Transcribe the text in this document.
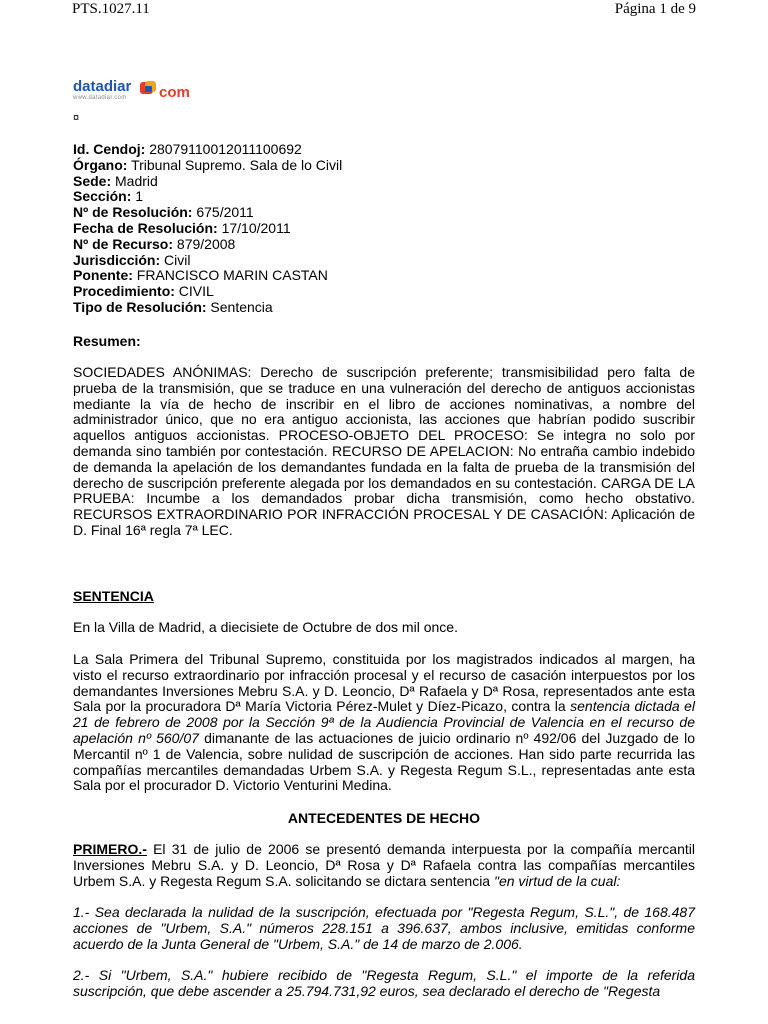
PTS.1027.11	Página 1 de 9
datadiar com
www.datadiar.com
¤
Id. Cendoj: 28079110012011100692
Órgano: Tribunal Supremo. Sala de lo Civil
Sede: Madrid
Sección: 1
Nº de Resolución: 675/2011
Fecha de Resolución: 17/10/2011
Nº de Recurso: 879/2008
Jurisdicción: Civil
Ponente: FRANCISCO MARIN CASTAN
Procedimiento: CIVIL
Tipo de Resolución: Sentencia
Resumen:
SOCIEDADES ANÓNIMAS: Derecho de suscripción preferente; transmisibilidad pero falta de prueba de la transmisión, que se traduce en una vulneración del derecho de antiguos accionistas mediante la vía de hecho de inscribir en el libro de acciones nominativas, a nombre del administrador único, que no era antiguo accionista, las acciones que habrían podido suscribir aquellos antiguos accionistas. PROCESO-OBJETO DEL PROCESO: Se integra no solo por demanda sino también por contestación. RECURSO DE APELACION: No entraña cambio indebido de demanda la apelación de los demandantes fundada en la falta de prueba de la transmisión del derecho de suscripción preferente alegada por los demandados en su contestación. CARGA DE LA PRUEBA: Incumbe a los demandados probar dicha transmisión, como hecho obstativo. RECURSOS EXTRAORDINARIO POR INFRACCIÓN PROCESAL Y DE CASACIÓN: Aplicación de D. Final 16ª regla 7ª LEC.
SENTENCIA
En la Villa de Madrid, a diecisiete de Octubre de dos mil once.
La Sala Primera del Tribunal Supremo, constituida por los magistrados indicados al margen, ha visto el recurso extraordinario por infracción procesal y el recurso de casación interpuestos por los demandantes Inversiones Mebru S.A. y D. Leoncio, Dª Rafaela y Dª Rosa, representados ante esta Sala por la procuradora Dª María Victoria Pérez-Mulet y Díez-Picazo, contra la sentencia dictada el 21 de febrero de 2008 por la Sección 9ª de la Audiencia Provincial de Valencia en el recurso de apelación nº 560/07 dimanante de las actuaciones de juicio ordinario nº 492/06 del Juzgado de lo Mercantil nº 1 de Valencia, sobre nulidad de suscripción de acciones. Han sido parte recurrida las compañías mercantiles demandadas Urbem S.A. y Regesta Regum S.L., representadas ante esta Sala por el procurador D. Victorio Venturini Medina.
ANTECEDENTES DE HECHO
PRIMERO.- El 31 de julio de 2006 se presentó demanda interpuesta por la compañía mercantil Inversiones Mebru S.A. y D. Leoncio, Dª Rosa y Dª Rafaela contra las compañías mercantiles Urbem S.A. y Regesta Regum S.A. solicitando se dictara sentencia "en virtud de la cual:
1.- Sea declarada la nulidad de la suscripción, efectuada por "Regesta Regum, S.L.", de 168.487 acciones de "Urbem, S.A." números 228.151 a 396.637, ambos inclusive, emitidas conforme acuerdo de la Junta General de "Urbem, S.A." de 14 de marzo de 2.006.
2.- Si "Urbem, S.A." hubiere recibido de "Regesta Regum, S.L." el importe de la referida suscripción, que debe ascender a 25.794.731,92 euros, sea declarado el derecho de "Regesta
